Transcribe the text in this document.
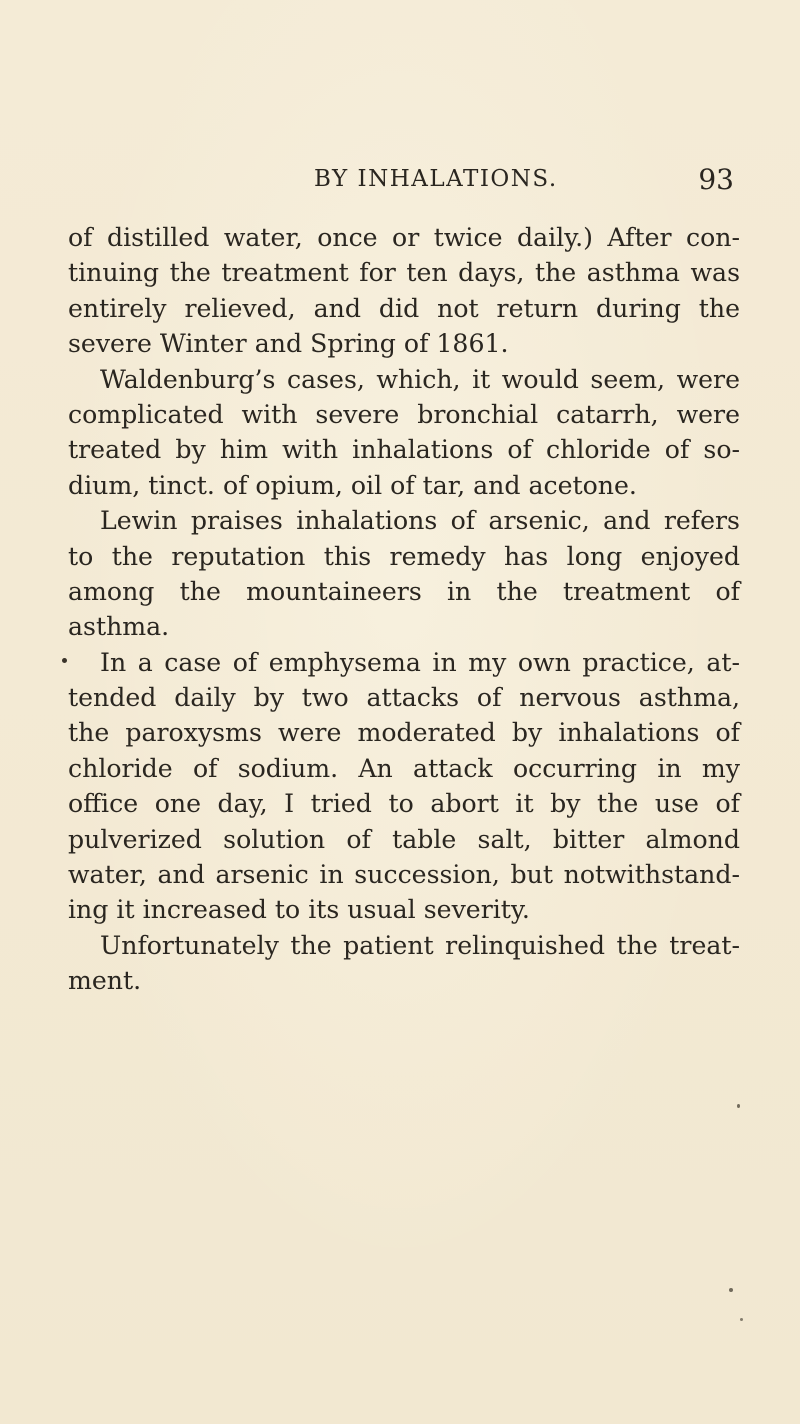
BY INHALATIONS.	93
of distilled water, once or twice daily.) After con-
tinuing the treatment for ten days, the asthma was
entirely relieved, and did not return during the
severe Winter and Spring of 1861.
Waldenburg’s cases, which, it would seem, were
complicated with severe bronchial catarrh, were
treated by him with inhalations of chloride of so-
dium, tinct. of opium, oil of tar, and acetone.
Lewin praises inhalations of arsenic, and refers
to the reputation this remedy has long enjoyed
among the mountaineers in the treatment of
asthma.
In a case of emphysema in my own practice, at-
tended daily by two attacks of nervous asthma,
the paroxysms were moderated by inhalations of
chloride of sodium. An attack occurring in my
office one day, I tried to abort it by the use of
pulverized solution of table salt, bitter almond
water, and arsenic in succession, but notwithstand-
ing it increased to its usual severity.
Unfortunately the patient relinquished the treat-
ment.
